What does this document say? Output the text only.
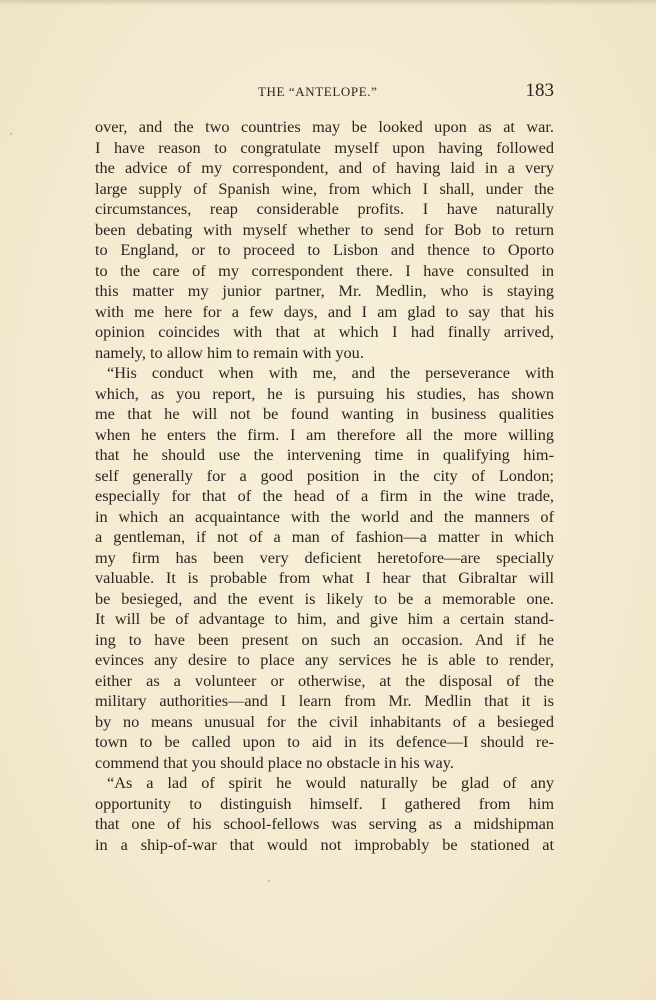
THE “ANTELOPE.”	183
over, and the two countries may be looked upon as at war.
I have reason to congratulate myself upon having followed
the advice of my correspondent, and of having laid in a very
large supply of Spanish wine, from which I shall, under the
circumstances, reap considerable profits. I have naturally
been debating with myself whether to send for Bob to return
to England, or to proceed to Lisbon and thence to Oporto
to the care of my correspondent there. I have consulted in
this matter my junior partner, Mr. Medlin, who is staying
with me here for a few days, and I am glad to say that his
opinion coincides with that at which I had finally arrived,
namely, to allow him to remain with you.
“His conduct when with me, and the perseverance with
which, as you report, he is pursuing his studies, has shown
me that he will not be found wanting in business qualities
when he enters the firm. I am therefore all the more willing
that he should use the intervening time in qualifying him-
self generally for a good position in the city of London;
especially for that of the head of a firm in the wine trade,
in which an acquaintance with the world and the manners of
a gentleman, if not of a man of fashion—a matter in which
my firm has been very deficient heretofore—are specially
valuable. It is probable from what I hear that Gibraltar will
be besieged, and the event is likely to be a memorable one.
It will be of advantage to him, and give him a certain stand-
ing to have been present on such an occasion. And if he
evinces any desire to place any services he is able to render,
either as a volunteer or otherwise, at the disposal of the
military authorities—and I learn from Mr. Medlin that it is
by no means unusual for the civil inhabitants of a besieged
town to be called upon to aid in its defence—I should re-
commend that you should place no obstacle in his way.
“As a lad of spirit he would naturally be glad of any
opportunity to distinguish himself. I gathered from him
that one of his school-fellows was serving as a midshipman
in a ship-of-war that would not improbably be stationed at
